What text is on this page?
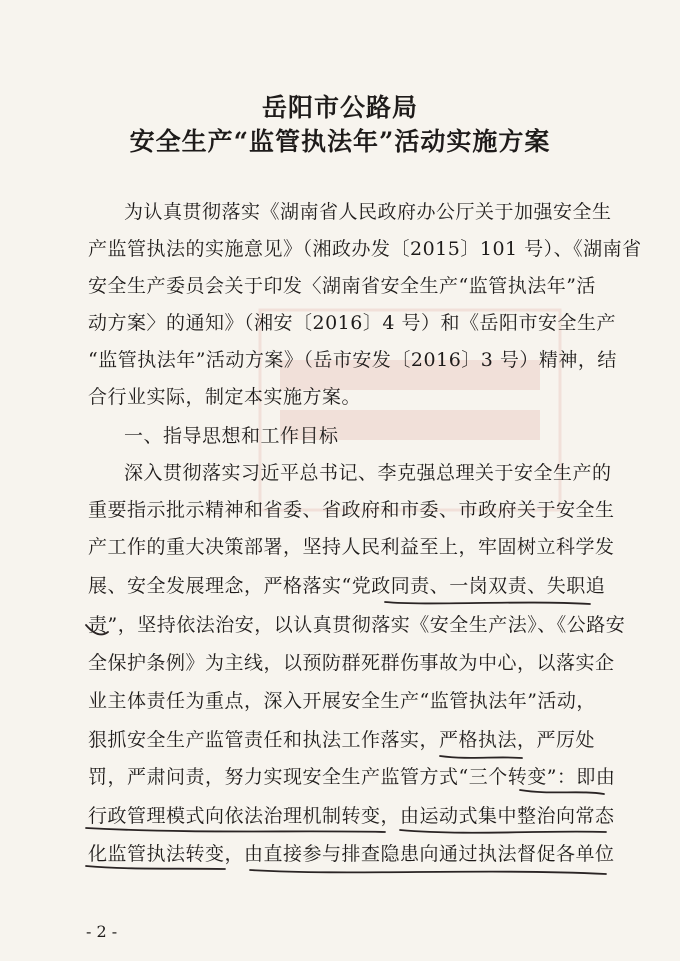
岳阳市公路局
安全生产“监管执法年”活动实施方案
为认真贯彻落实《湖南省人民政府办公厅关于加强安全生
产监管执法的实施意见》（湘政办发〔2015〕101 号）、《湖南省
安全生产委员会关于印发〈湖南省安全生产“监管执法年”活
动方案〉的通知》（湘安〔2016〕4 号）和《岳阳市安全生产
“监管执法年”活动方案》（岳市安发〔2016〕3 号）精神，结
合行业实际，制定本实施方案。
一、指导思想和工作目标
深入贯彻落实习近平总书记、李克强总理关于安全生产的
重要指示批示精神和省委、省政府和市委、市政府关于安全生
产工作的重大决策部署，坚持人民利益至上，牢固树立科学发
展、安全发展理念，严格落实“党政同责、一岗双责、失职追
责”，坚持依法治安，以认真贯彻落实《安全生产法》、《公路安
全保护条例》为主线，以预防群死群伤事故为中心，以落实企
业主体责任为重点，深入开展安全生产“监管执法年”活动，
狠抓安全生产监管责任和执法工作落实，严格执法，严厉处
罚，严肃问责，努力实现安全生产监管方式“三个转变”：即由
行政管理模式向依法治理机制转变，由运动式集中整治向常态
化监管执法转变，由直接参与排查隐患向通过执法督促各单位
- 2 -
